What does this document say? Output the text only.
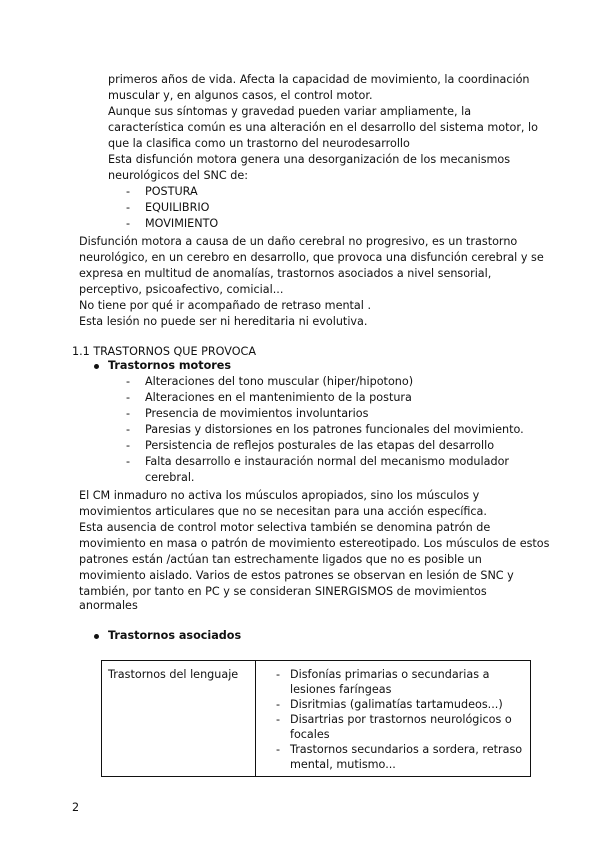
primeros años de vida. Afecta la capacidad de movimiento, la coordinación
muscular y, en algunos casos, el control motor.
Aunque sus síntomas y gravedad pueden variar ampliamente, la
característica común es una alteración en el desarrollo del sistema motor, lo
que la clasifica como un trastorno del neurodesarrollo
Esta disfunción motora genera una desorganización de los mecanismos
neurológicos del SNC de:
- POSTURA
- EQUILIBRIO
- MOVIMIENTO
Disfunción motora a causa de un daño cerebral no progresivo, es un trastorno
neurológico, en un cerebro en desarrollo, que provoca una disfunción cerebral y se
expresa en multitud de anomalías, trastornos asociados a nivel sensorial,
perceptivo, psicoafectivo, comicial...
No tiene por qué ir acompañado de retraso mental .
Esta lesión no puede ser ni hereditaria ni evolutiva.
1.1 TRASTORNOS QUE PROVOCA
Trastornos motores
- Alteraciones del tono muscular (hiper/hipotono)
- Alteraciones en el mantenimiento de la postura
- Presencia de movimientos involuntarios
- Paresias y distorsiones en los patrones funcionales del movimiento.
- Persistencia de reflejos posturales de las etapas del desarrollo
- Falta desarrollo e instauración normal del mecanismo modulador
cerebral.
El CM inmaduro no activa los músculos apropiados, sino los músculos y
movimientos articulares que no se necesitan para una acción específica.
Esta ausencia de control motor selectiva también se denomina patrón de
movimiento en masa o patrón de movimiento estereotipado. Los músculos de estos
patrones están /actúan tan estrechamente ligados que no es posible un
movimiento aislado. Varios de estos patrones se observan en lesión de SNC y
también, por tanto en PC y se consideran SINERGISMOS de movimientos
anormales
Trastornos asociados
Trastornos del lenguaje	- Disfonías primarias o secundarias a
lesiones faríngeas
- Disritmias (galimatías tartamudeos...)
- Disartrias por trastornos neurológicos o
focales
- Trastornos secundarios a sordera, retraso
mental, mutismo...
2
